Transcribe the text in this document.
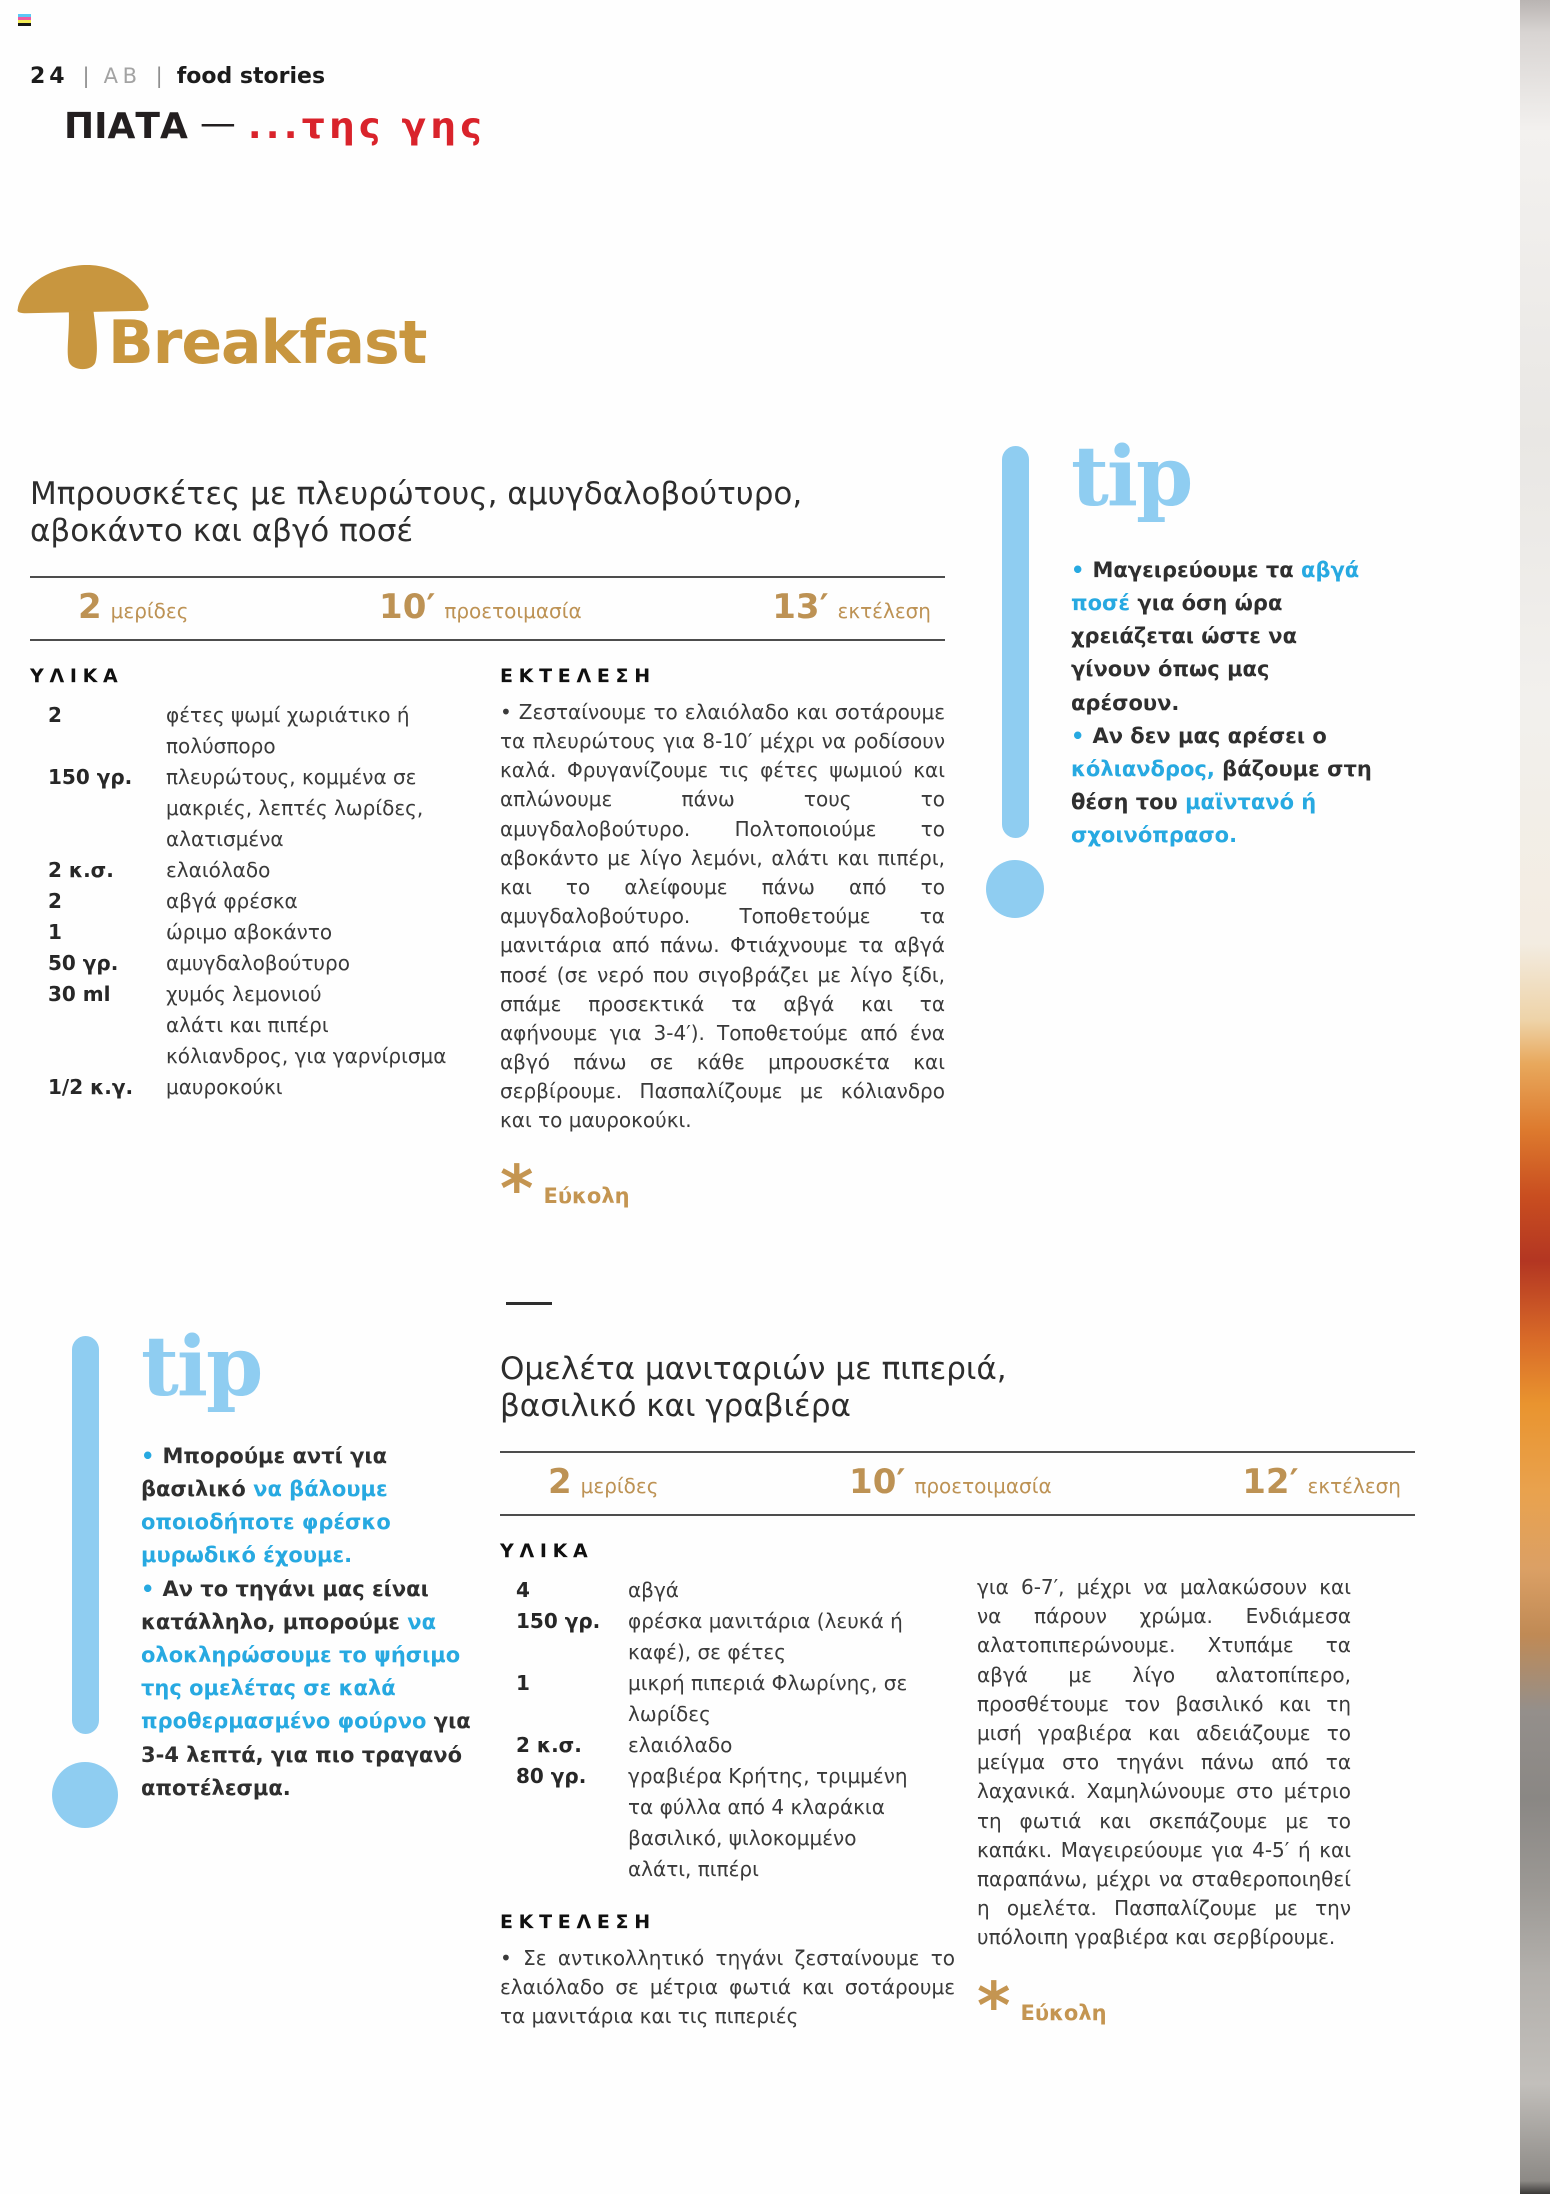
24 | AB | food stories
ΠΙΑΤΑ — ...της γης
Breakfast
Μπρουσκέτες με πλευρώτους, αμυγδαλοβούτυρο,
αβοκάντο και αβγό ποσέ
2 μερίδες	10′ προετοιμασία	13′ εκτέλεση
ΥΛΙΚΑ
2	φέτες ψωμί χωριάτικο ή πολύσπορο
150 γρ.	πλευρώτους, κομμένα σε μακριές, λεπτές λωρίδες, αλατισμένα
2 κ.σ.	ελαιόλαδο
2	αβγά φρέσκα
1	ώριμο αβοκάντο
50 γρ.	αμυγδαλοβούτυρο
30 ml	χυμός λεμονιού
αλάτι και πιπέρι
κόλιανδρος, για γαρνίρισμα
1/2 κ.γ.	μαυροκούκι
ΕΚΤΕΛΕΣΗ

• Ζεσταίνουμε το ελαιόλαδο και σοτάρουμε τα πλευρώτους για 8-10′ μέχρι να ροδίσουν καλά. Φρυγανίζουμε τις φέτες ψωμιού και απλώνουμε πάνω τους το αμυγδαλοβούτυρο. Πολτοποιούμε το αβοκάντο με λίγο λεμόνι, αλάτι και πιπέρι, και το αλείφουμε πάνω από το αμυγδαλοβούτυρο. Τοποθετούμε τα μανιτάρια από πάνω. Φτιάχνουμε τα αβγά ποσέ (σε νερό που σιγοβράζει με λίγο ξίδι, σπάμε προσεκτικά τα αβγά και τα αφήνουμε για 3-4′). Τοποθετούμε από ένα αβγό πάνω σε κάθε μπρουσκέτα και σερβίρουμε. Πασπαλίζουμε με κόλιανδρο και το μαυροκούκι.

* Εύκολη
tip
• Μαγειρεύουμε τα αβγά ποσέ για όση ώρα χρειάζεται ώστε να γίνουν όπως μας αρέσουν.
• Αν δεν μας αρέσει ο κόλιανδρος, βάζουμε στη θέση του μαϊντανό ή σχοινόπρασο.
tip
• Μπορούμε αντί για βασιλικό να βάλουμε οποιοδήποτε φρέσκο μυρωδικό έχουμε.
• Αν το τηγάνι μας είναι κατάλληλο, μπορούμε να ολοκληρώσουμε το ψήσιμο της ομελέτας σε καλά προθερμασμένο φούρνο για 3-4 λεπτά, για πιο τραγανό αποτέλεσμα.
Ομελέτα μανιταριών με πιπεριά,
βασιλικό και γραβιέρα
2 μερίδες	10′ προετοιμασία	12′ εκτέλεση
ΥΛΙΚΑ
4	αβγά
150 γρ.	φρέσκα μανιτάρια (λευκά ή καφέ), σε φέτες
1	μικρή πιπεριά Φλωρίνης, σε λωρίδες
2 κ.σ.	ελαιόλαδο
80 γρ.	γραβιέρα Κρήτης, τριμμένη
τα φύλλα από 4 κλαράκια βασιλικό, ψιλοκομμένο
αλάτι, πιπέρι
ΕΚΤΕΛΕΣΗ

• Σε αντικολλητικό τηγάνι ζεσταίνουμε το ελαιόλαδο σε μέτρια φωτιά και σοτάρουμε τα μανιτάρια και τις πιπεριές

για 6-7′, μέχρι να μαλακώσουν και να πάρουν χρώμα. Ενδιάμεσα αλατοπιπερώνουμε. Χτυπάμε τα αβγά με λίγο αλατοπίπερο, προσθέτουμε τον βασιλικό και τη μισή γραβιέρα και αδειάζουμε το μείγμα στο τηγάνι πάνω από τα λαχανικά. Χαμηλώνουμε στο μέτριο τη φωτιά και σκεπάζουμε με το καπάκι. Μαγειρεύουμε για 4-5′ ή και παραπάνω, μέχρι να σταθεροποιηθεί η ομελέτα. Πασπαλίζουμε με την υπόλοιπη γραβιέρα και σερβίρουμε.

* Εύκολη
